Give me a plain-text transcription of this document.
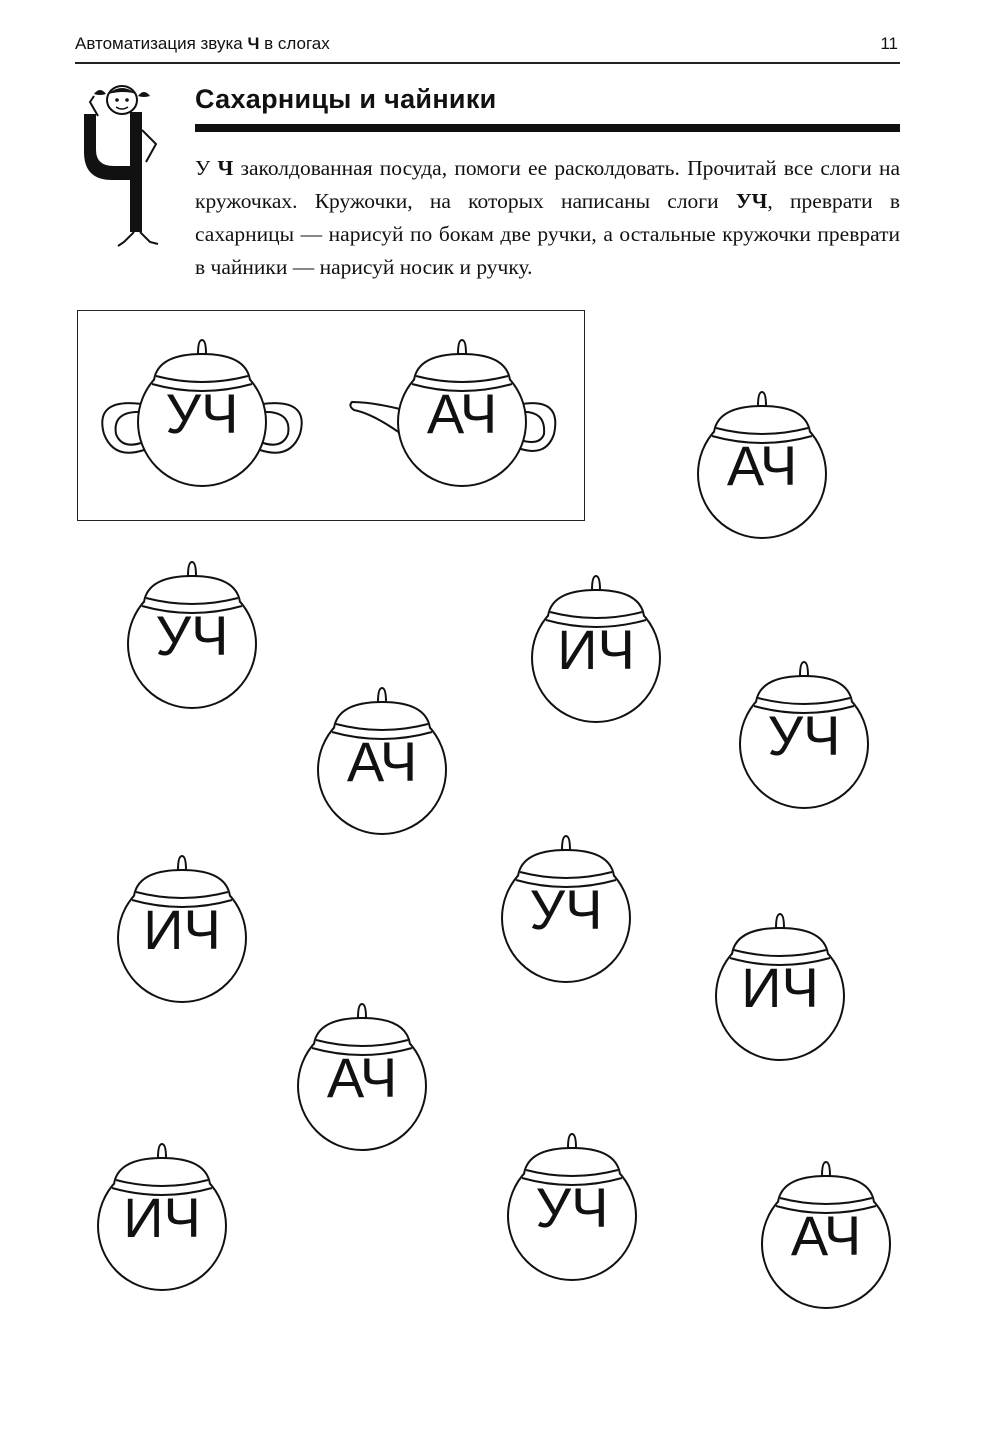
Автоматизация звука Ч в слогах	11
Сахарницы и чайники

У Ч заколдованная посуда, помоги ее расколдовать. Прочитай все слоги на кружочках. Кружочки, на которых написаны слоги УЧ, преврати в сахарницы — нарисуй по бокам две ручки, а остальные кружочки преврати в чайники — нарисуй носик и ручку.

УЧ	АЧ
АЧ
УЧ	ИЧ
УЧ
АЧ
ИЧ	УЧ
ИЧ
АЧ
ИЧ	УЧ	АЧ
